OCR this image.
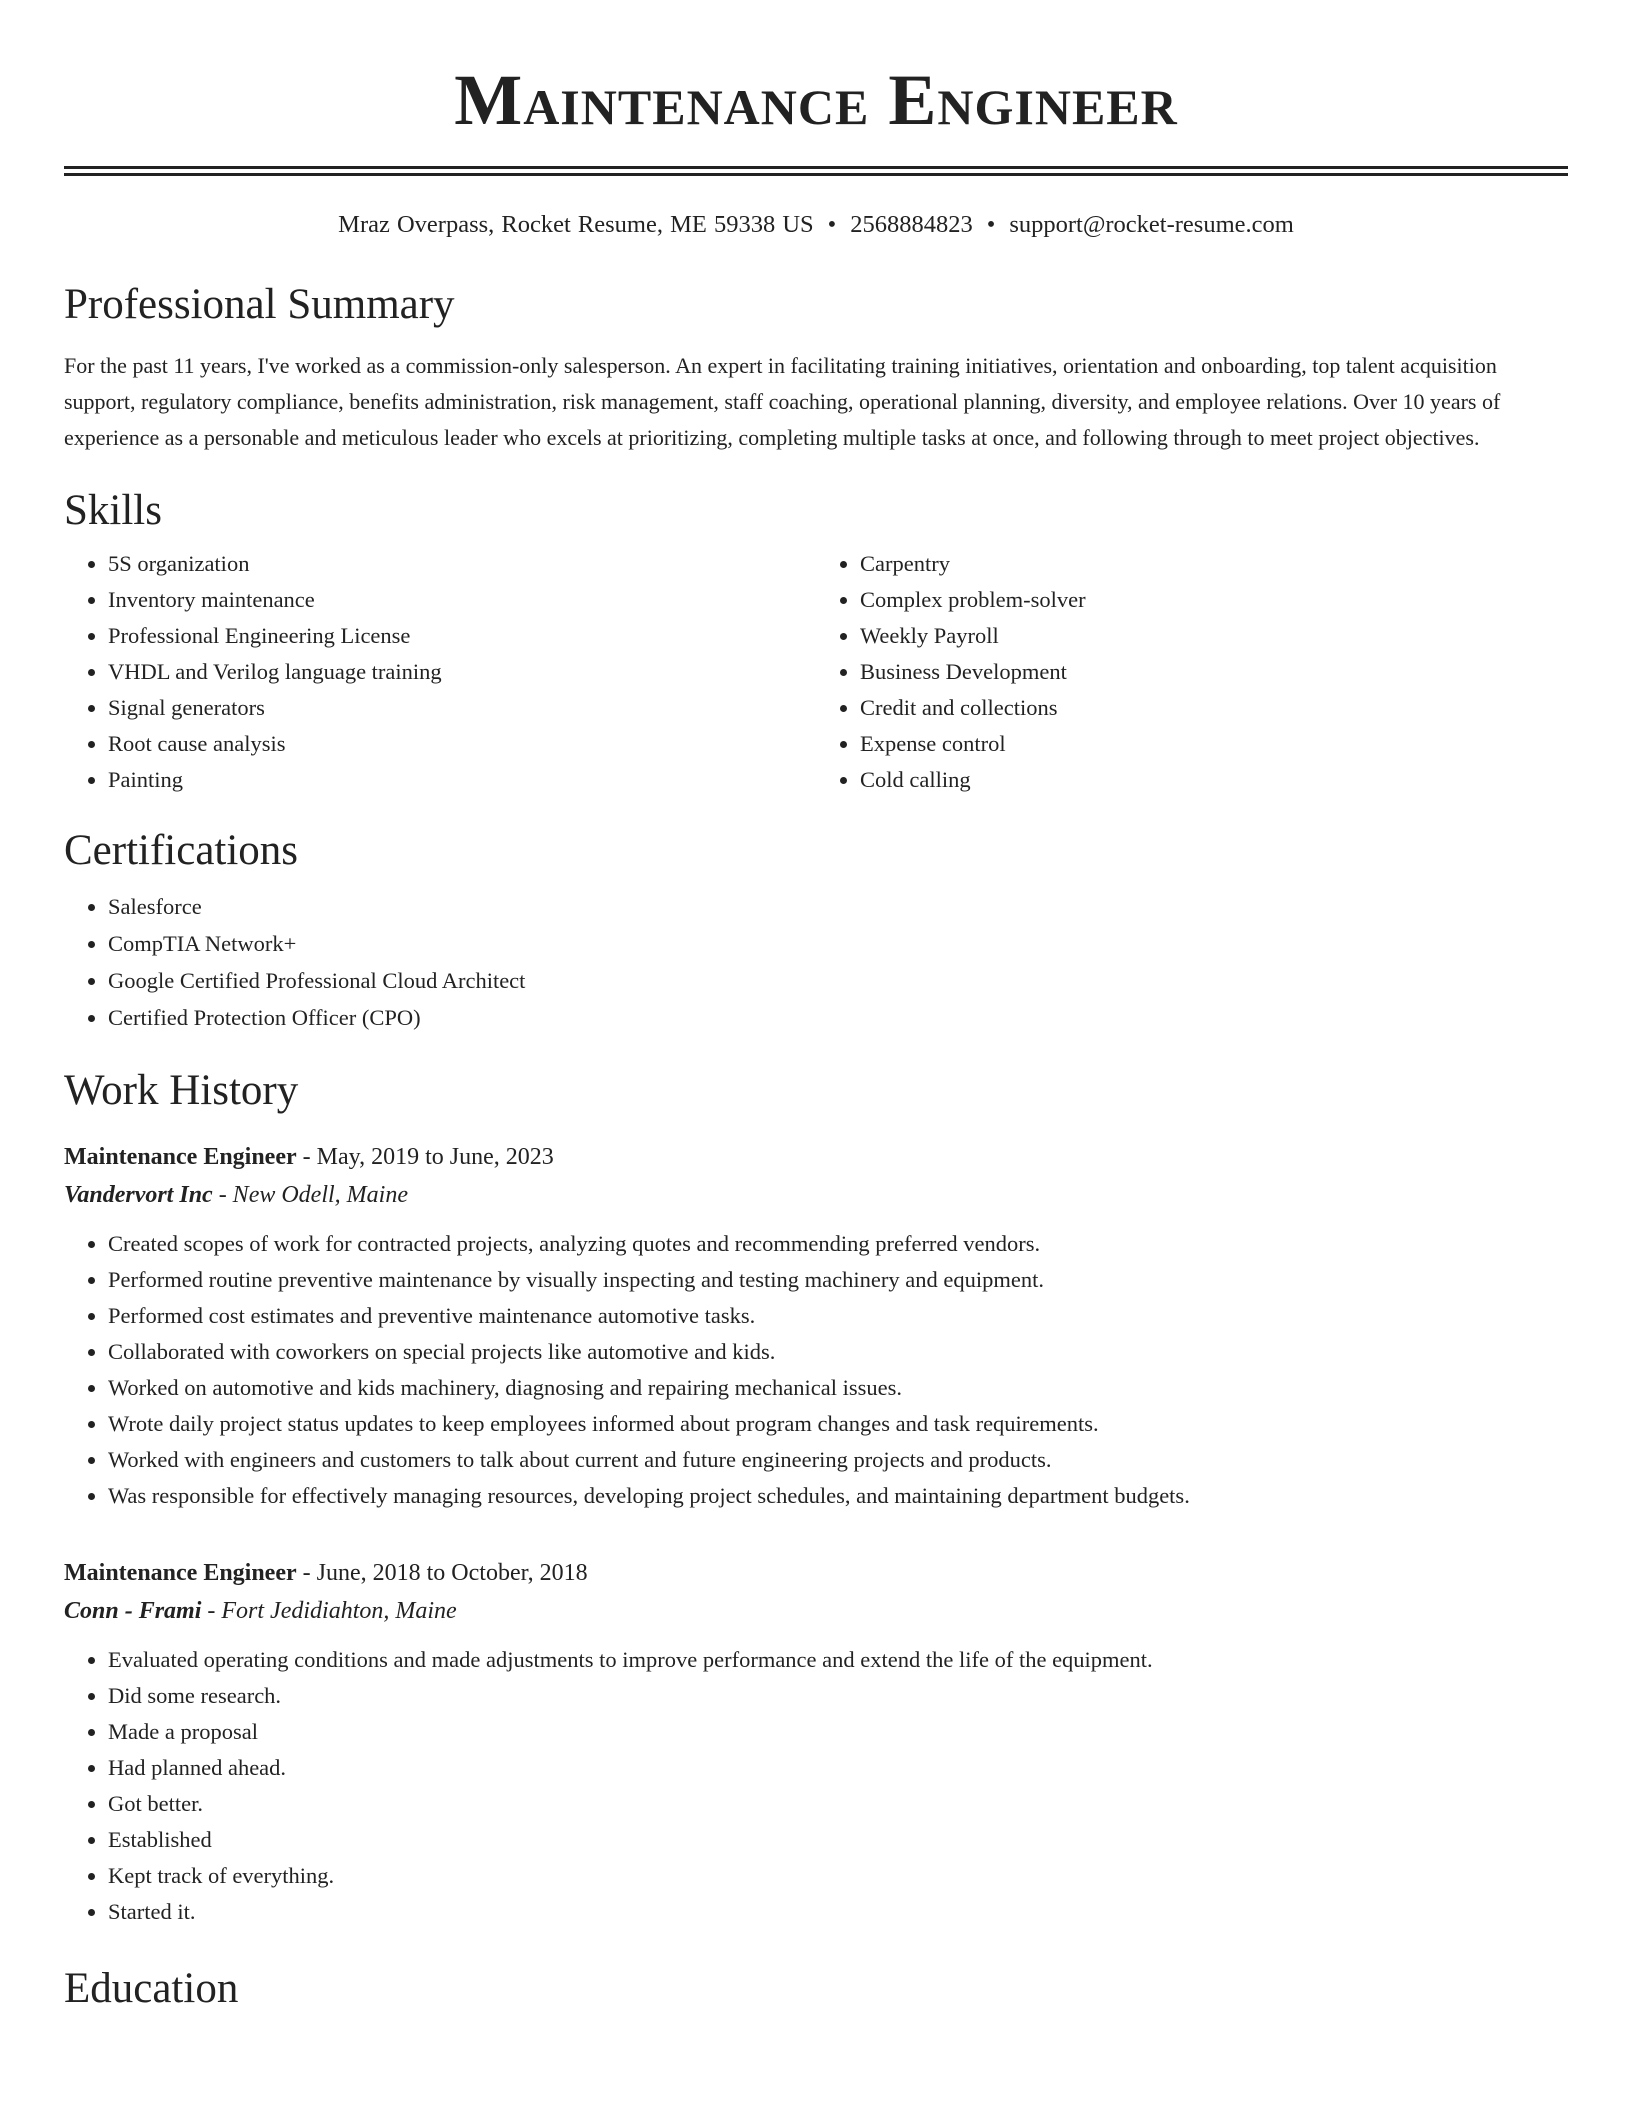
Maintenance Engineer
Mraz Overpass, Rocket Resume, ME 59338 US • 2568884823 • support@rocket-resume.com
Professional Summary

For the past 11 years, I've worked as a commission-only salesperson. An expert in facilitating training initiatives, orientation and onboarding, top talent acquisition support, regulatory compliance, benefits administration, risk management, staff coaching, operational planning, diversity, and employee relations. Over 10 years of experience as a personable and meticulous leader who excels at prioritizing, completing multiple tasks at once, and following through to meet project objectives.

Skills
• 5S organization
• Inventory maintenance
• Professional Engineering License
• VHDL and Verilog language training
• Signal generators
• Root cause analysis
• Painting
• Carpentry
• Complex problem-solver
• Weekly Payroll
• Business Development
• Credit and collections
• Expense control
• Cold calling
Certifications
• Salesforce
• CompTIA Network+
• Google Certified Professional Cloud Architect
• Certified Protection Officer (CPO)
Work History
Maintenance Engineer - May, 2019 to June, 2023
Vandervort Inc - New Odell, Maine
• Created scopes of work for contracted projects, analyzing quotes and recommending preferred vendors.
• Performed routine preventive maintenance by visually inspecting and testing machinery and equipment.
• Performed cost estimates and preventive maintenance automotive tasks.
• Collaborated with coworkers on special projects like automotive and kids.
• Worked on automotive and kids machinery, diagnosing and repairing mechanical issues.
• Wrote daily project status updates to keep employees informed about program changes and task requirements.
• Worked with engineers and customers to talk about current and future engineering projects and products.
• Was responsible for effectively managing resources, developing project schedules, and maintaining department budgets.
Maintenance Engineer - June, 2018 to October, 2018
Conn - Frami - Fort Jedidiahton, Maine
• Evaluated operating conditions and made adjustments to improve performance and extend the life of the equipment.
• Did some research.
• Made a proposal
• Had planned ahead.
• Got better.
• Established
• Kept track of everything.
• Started it.
Education
